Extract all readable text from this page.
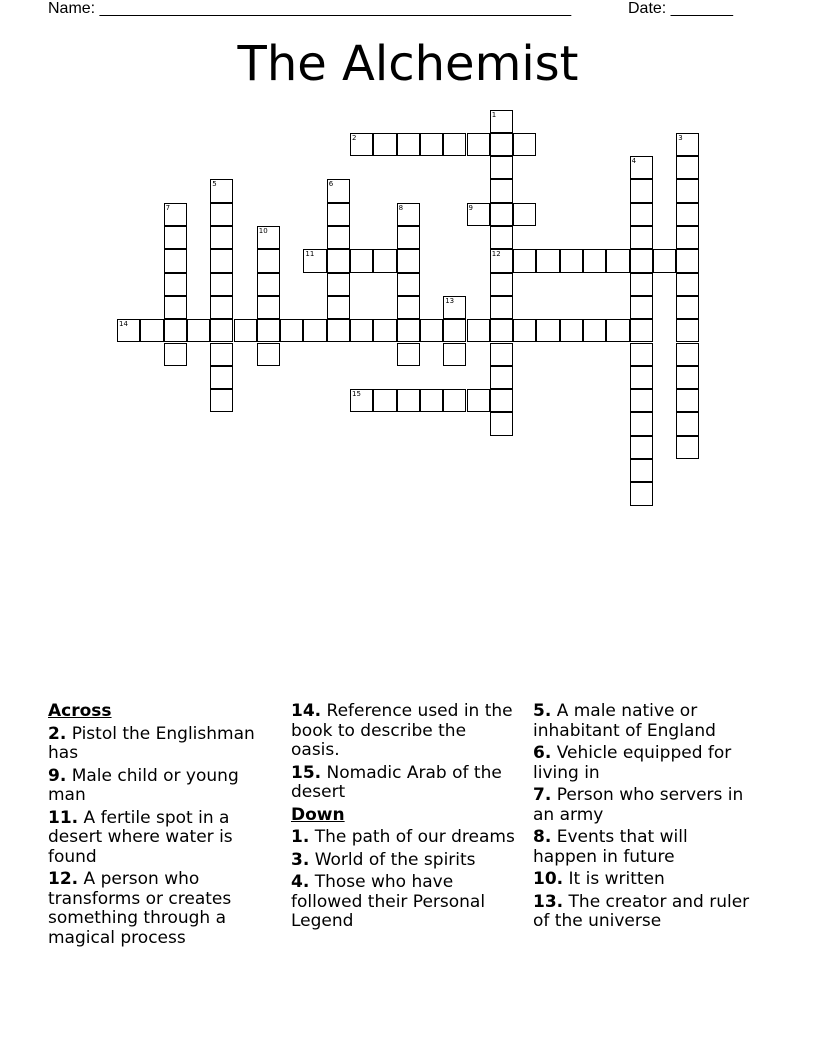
Name: _____________________________________________________	Date: _______
The Alchemist
1
12
2	3
4
5	6
7	8	9
10
11
13
14
15
Across
2. Pistol the Englishman has
9. Male child or young man
11. A fertile spot in a desert where water is found
12. A person who transforms or creates something through a magical process
14. Reference used in the book to describe the oasis.
15. Nomadic Arab of the desert
Down
1. The path of our dreams
3. World of the spirits
4. Those who have followed their Personal Legend
5. A male native or inhabitant of England
6. Vehicle equipped for living in
7. Person who servers in an army
8. Events that will happen in future
10. It is written
13. The creator and ruler of the universe
